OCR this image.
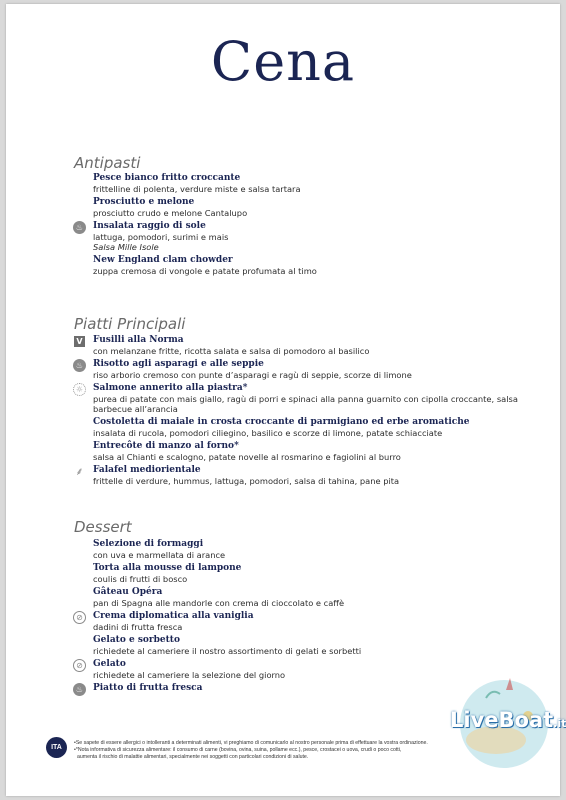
Cena
Antipasti
Pesce bianco fritto croccante
frittelline di polenta, verdure miste e salsa tartara
Prosciutto e melone
prosciutto crudo e melone Cantalupo
♨	Insalata raggio di sole
lattuga, pomodori, surimi e mais
Salsa Mille Isole
New England clam chowder
zuppa cremosa di vongole e patate profumata al timo
Piatti Principali
V Fusilli alla Norma
con melanzane fritte, ricotta salata e salsa di pomodoro al basilico
♨	Risotto agli asparagi e alle seppie
riso arborio cremoso con punte d’asparagi e ragù di seppie, scorze di limone
☼	Salmone annerito alla piastra*
purea di patate con mais giallo, ragù di porri e spinaci alla panna guarnito con cipolla croccante, salsa barbecue all’arancia
Costoletta di maiale in crosta croccante di parmigiano ed erbe aromatiche
insalata di rucola, pomodori ciliegino, basilico e scorze di limone, patate schiacciate
Entrecôte di manzo al forno*
salsa al Chianti e scalogno, patate novelle al rosmarino e fagiolini al burro
⸙ Falafel mediorientale
frittelle di verdure, hummus, lattuga, pomodori, salsa di tahina, pane pita
Dessert
Selezione di formaggi
con uva e marmellata di arance
Torta alla mousse di lampone
coulis di frutti di bosco
Gâteau Opéra
pan di Spagna alle mandorle con crema di cioccolato e caffè
⊘	Crema diplomatica alla vaniglia
dadini di frutta fresca
Gelato e sorbetto
richiedete al cameriere il nostro assortimento di gelati e sorbetti
⊘	Gelato
richiedete al cameriere la selezione del giorno
♨	Piatto di frutta fresca
ITA
•Se sapete di essere allergici o intolleranti a determinati alimenti, vi preghiamo di comunicarlo al nostro personale prima di effettuare la vostra ordinazione.
•*Nota informativa di sicurezza alimentare: il consumo di carne (bovina, ovina, suina, pollame ecc.), pesce, crostacei o uova, crudi o poco cotti,
aumenta il rischio di malattie alimentari, specialmente nei soggetti con particolari condizioni di salute.
LiveBoat.it
